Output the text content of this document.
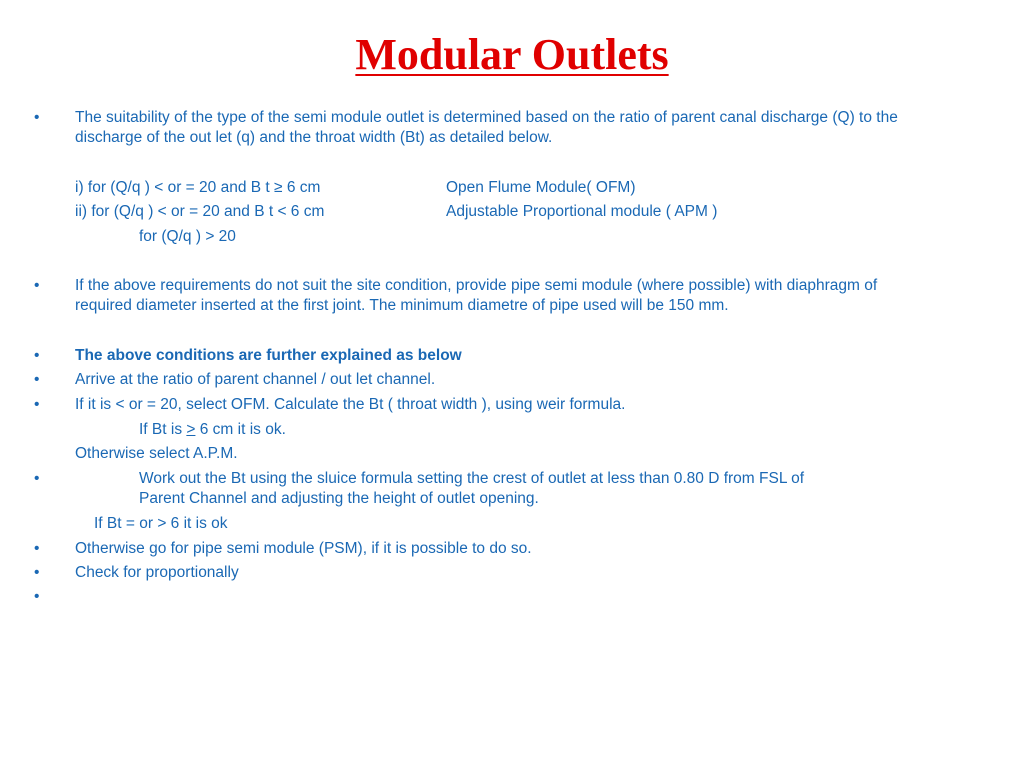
Modular Outlets
• The suitability of the type of the semi module outlet is determined based on the ratio of parent canal discharge (Q) to the
discharge of the out let (q) and the throat width (Bt) as detailed below.
i) for (Q/q ) < or = 20 and B t ≥ 6 cm	Open Flume Module( OFM)
ii) for (Q/q ) < or = 20 and B t < 6 cm	Adjustable Proportional module ( APM )
for (Q/q ) > 20
• If the above requirements do not suit the site condition, provide pipe semi module (where possible) with diaphragm of
required diameter inserted at the first joint. The minimum diametre of pipe used will be 150 mm.
• The above conditions are further explained as below
• Arrive at the ratio of parent channel / out let channel.
• If it is < or = 20, select OFM. Calculate the Bt ( throat width ), using weir formula.
If Bt is ≥ 6 cm it is ok.
Otherwise select A.P.M.
•	Work out the Bt using the sluice formula setting the crest of outlet at less than 0.80 D from FSL of
Parent Channel and adjusting the height of outlet opening.
If Bt = or > 6 it is ok
• Otherwise go for pipe semi module (PSM), if it is possible to do so.
• Check for proportionally
•
